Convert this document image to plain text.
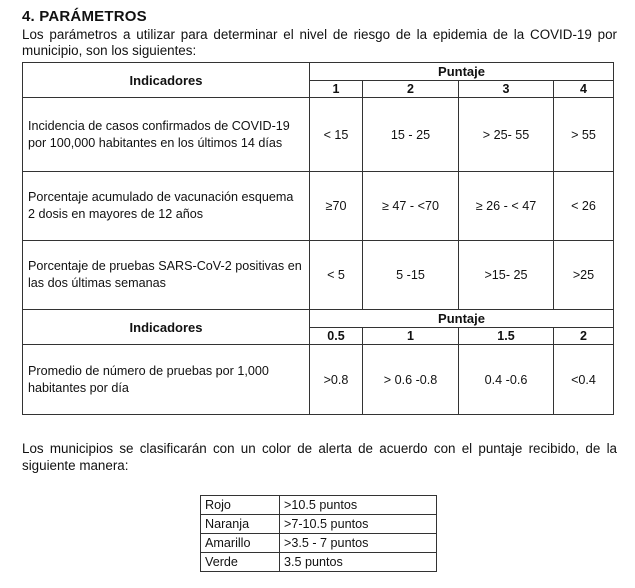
4. PARÁMETROS
Los parámetros a utilizar para determinar el nivel de riesgo de la epidemia de la COVID-19 por municipio, son los siguientes:
Indicadores	Puntaje			
	1	2	3	4
Incidencia de casos confirmados de COVID-19 por 100,000 habitantes en los últimos 14 días	< 15	15 - 25	> 25- 55	> 55
Porcentaje acumulado de vacunación esquema 2 dosis en mayores de 12 años	≥70	≥ 47 - <70	≥ 26 - < 47	< 26
Porcentaje de pruebas SARS-CoV-2 positivas en las dos últimas semanas	< 5	5 -15	>15- 25	>25
Indicadores	Puntaje			
	0.5	1	1.5	2
Promedio de número de pruebas por 1,000 habitantes por día	>0.8	> 0.6 -0.8	0.4 -0.6	<0.4
Los municipios se clasificarán con un color de alerta de acuerdo con el puntaje recibido, de la siguiente manera:
Rojo	>10.5 puntos
Naranja	>7-10.5 puntos
Amarillo	>3.5 - 7 puntos
Verde	3.5 puntos
